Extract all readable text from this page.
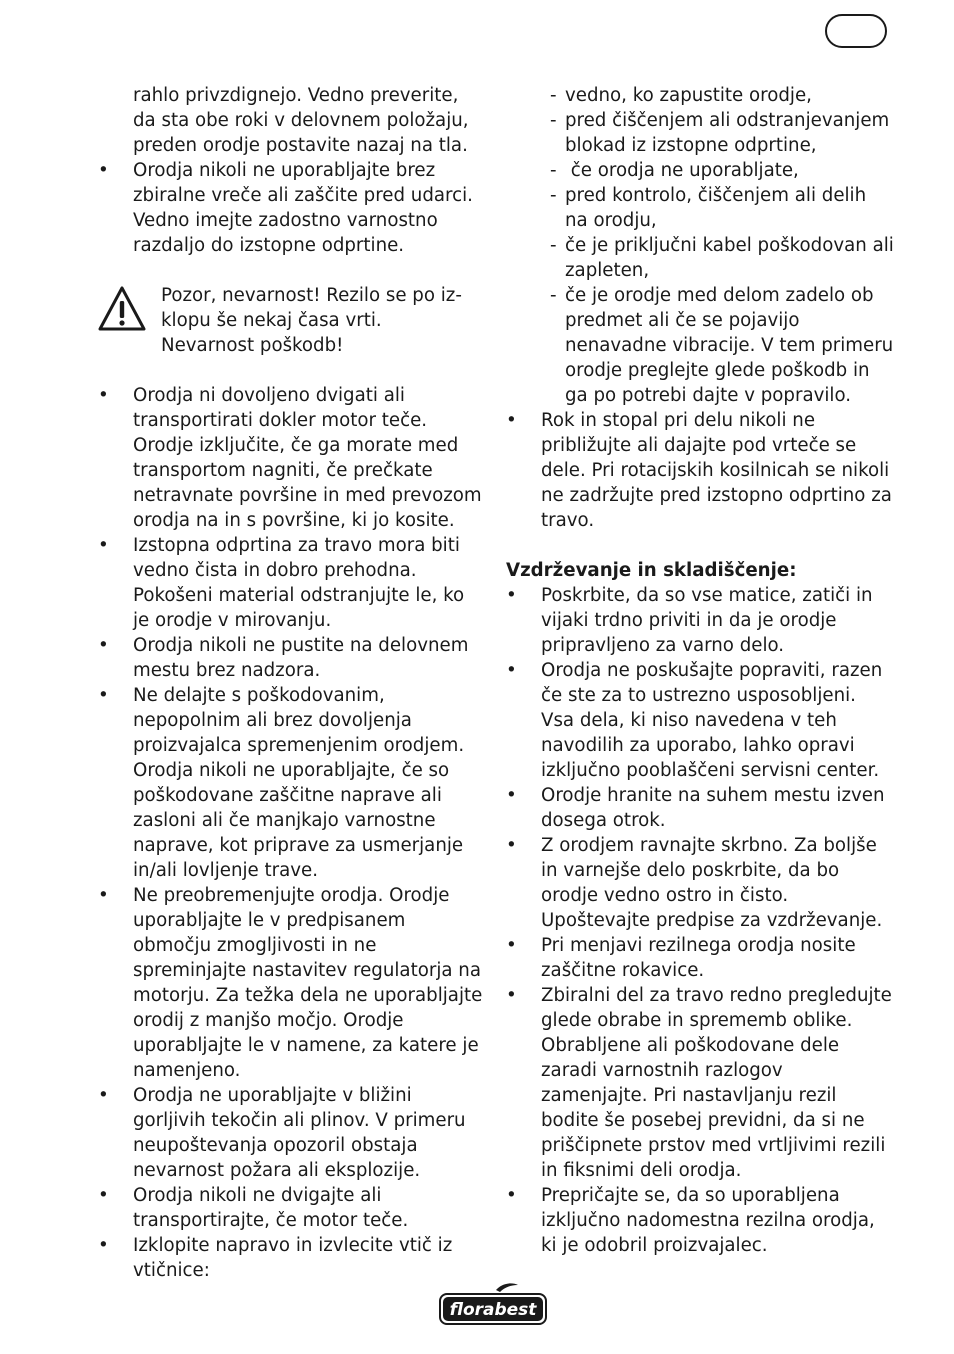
rahlo privzdignejo. Vedno preverite, da sta obe roki v delovnem položaju, preden orodje postavite nazaj na tla.
• Orodja nikoli ne uporabljajte brez zbiralne vreče ali zaščite pred udarci. Vedno imejte zadostno varnostno razdaljo do izstopne odprtine.
Pozor, nevarnost! Rezilo se po iz-
klopu še nekaj časa vrti.
Nevarnost poškodb!
• Orodja ni dovoljeno dvigati ali transportirati dokler motor teče. Orodje izključite, če ga morate med transportom nagniti, če prečkate netravnate površine in med prevozom orodja na in s površine, ki jo kosite.
• Izstopna odprtina za travo mora biti vedno čista in dobro prehodna. Pokošeni material odstranjujte le, ko je orodje v mirovanju.
• Orodja nikoli ne pustite na delovnem mestu brez nadzora.
• Ne delajte s poškodovanim, nepopolnim ali brez dovoljenja proizvajalca spremenjenim orodjem. Orodja nikoli ne uporabljajte, če so poškodovane zaščitne naprave ali zasloni ali če manjkajo varnostne naprave, kot priprave za usmerjanje in/ali lovljenje trave.
• Ne preobremenjujte orodja. Orodje uporabljajte le v predpisanem območju zmogljivosti in ne spreminjajte nastavitev regulatorja na motorju. Za težka dela ne uporabljajte orodij z manjšo močjo. Orodje uporabljajte le v namene, za katere je namenjeno.
• Orodja ne uporabljajte v bližini gorljivih tekočin ali plinov. V primeru neupoštevanja opozoril obstaja nevarnost požara ali eksplozije.
• Orodja nikoli ne dvigajte ali transportirajte, če motor teče.
• Izklopite napravo in izvlecite vtič iz vtičnice:
- vedno, ko zapustite orodje,
- pred čiščenjem ali odstranjevanjem blokad iz izstopne odprtine,
-  če orodja ne uporabljate,
- pred kontrolo, čiščenjem ali delih na orodju,
- če je priključni kabel poškodovan ali zapleten,
- če je orodje med delom zadelo ob predmet ali če se pojavijo nenavadne vibracije. V tem primeru orodje preglejte glede poškodb in ga po potrebi dajte v popravilo.
• Rok in stopal pri delu nikoli ne približujte ali dajajte pod vrteče se dele. Pri rotacijskih kosilnicah se nikoli ne zadržujte pred izstopno odprtino za travo.
Vzdrževanje in skladiščenje:
• Poskrbite, da so vse matice, zatiči in vijaki trdno priviti in da je orodje pripravljeno za varno delo.
• Orodja ne poskušajte popraviti, razen če ste za to ustrezno usposobljeni. Vsa dela, ki niso navedena v teh navodilih za uporabo, lahko opravi izključno pooblaščeni servisni center.
• Orodje hranite na suhem mestu izven dosega otrok.
• Z orodjem ravnajte skrbno. Za boljše in varnejše delo poskrbite, da bo orodje vedno ostro in čisto. Upoštevajte predpise za vzdrževanje.
• Pri menjavi rezilnega orodja nosite zaščitne rokavice.
• Zbiralni del za travo redno pregledujte glede obrabe in sprememb oblike. Obrabljene ali poškodovane dele zaradi varnostnih razlogov zamenjajte. Pri nastavljanju rezil bodite še posebej previdni, da si ne priščipnete prstov med vrtljivimi rezili in fiksnimi deli orodja.
• Prepričajte se, da so uporabljena izključno nadomestna rezilna orodja, ki je odobril proizvajalec.
florabest
